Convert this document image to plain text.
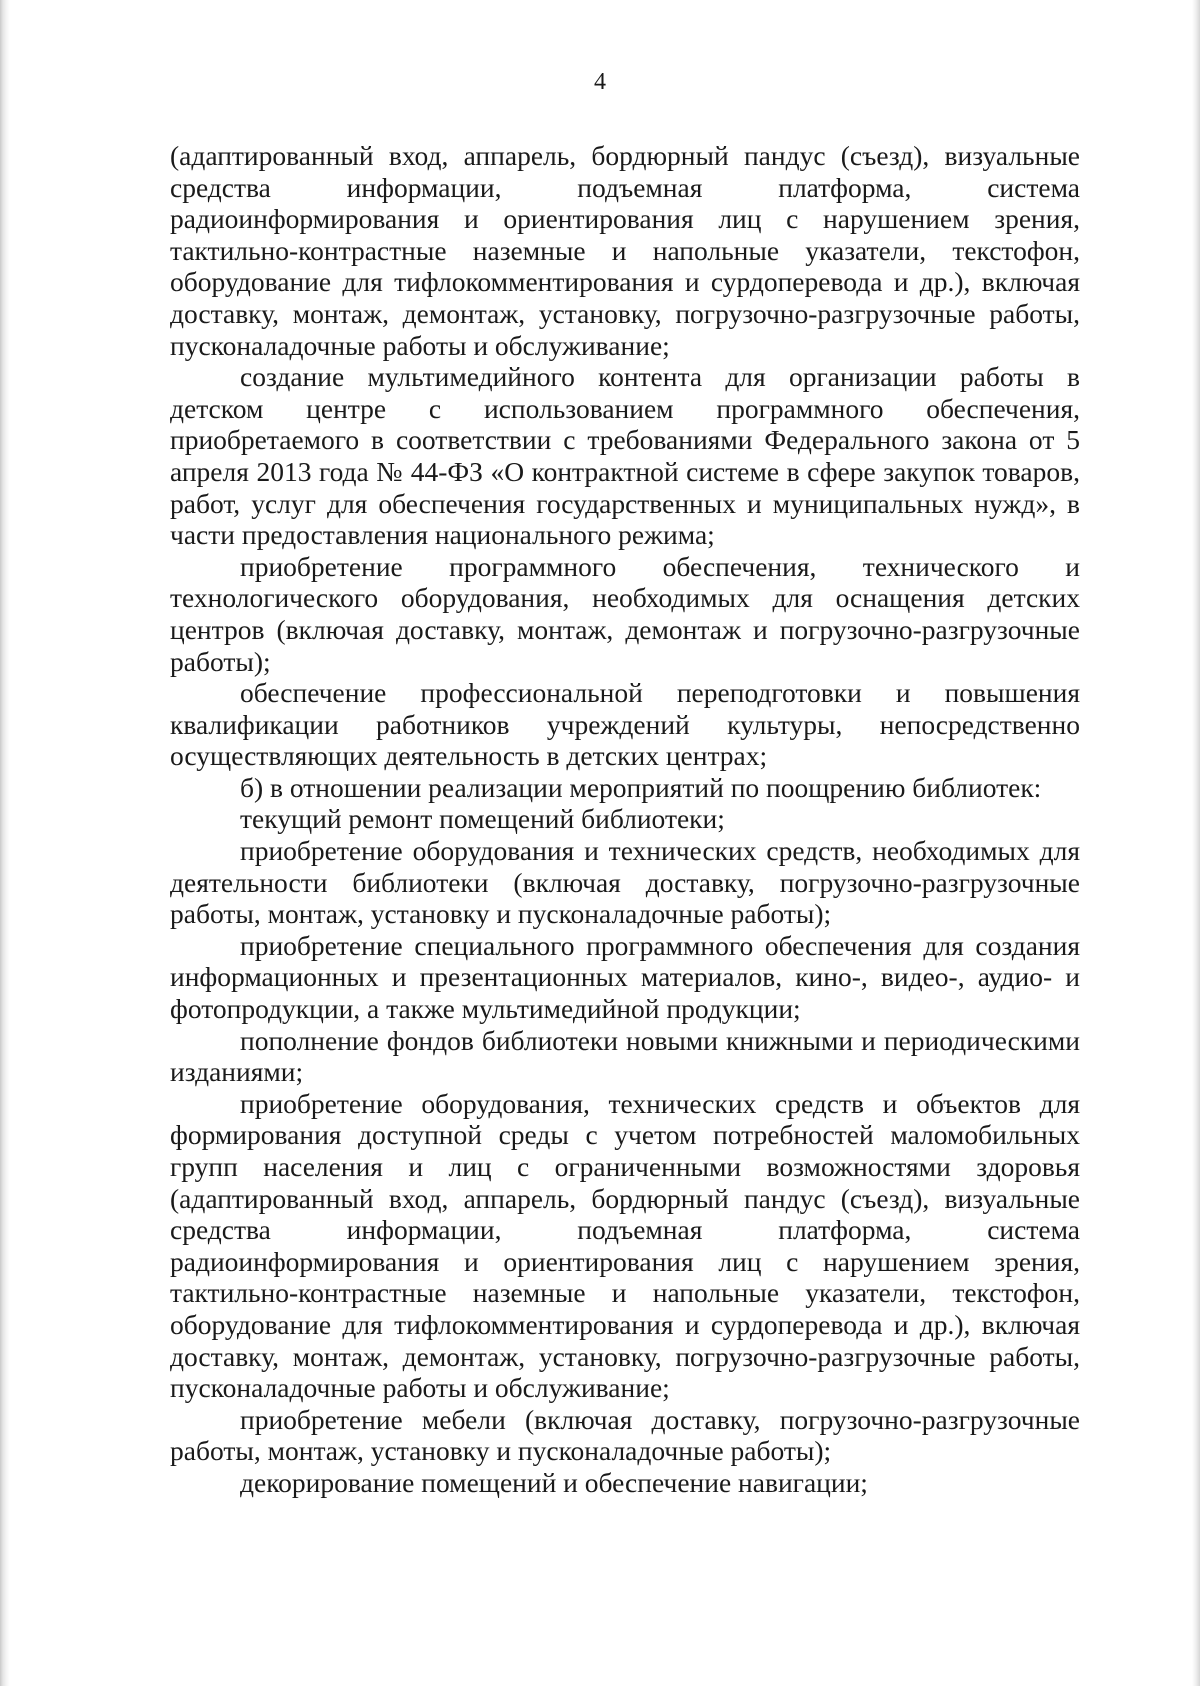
4

(адаптированный вход, аппарель, бордюрный пандус (съезд), визуальные средства информации, подъемная платформа, система радиоинформирования и ориентирования лиц с нарушением зрения, тактильно-контрастные наземные и напольные указатели, текстофон, оборудование для тифлокомментирования и сурдоперевода и др.), включая доставку, монтаж, демонтаж, установку, погрузочно-разгрузочные работы, пусконаладочные работы и обслуживание;

создание мультимедийного контента для организации работы в детском центре с использованием программного обеспечения, приобретаемого в соответствии с требованиями Федерального закона от 5 апреля 2013 года № 44-ФЗ «О контрактной системе в сфере закупок товаров, работ, услуг для обеспечения государственных и муниципальных нужд», в части предоставления национального режима;

приобретение программного обеспечения, технического и технологического оборудования, необходимых для оснащения детских центров (включая доставку, монтаж, демонтаж и погрузочно-разгрузочные работы);

обеспечение профессиональной переподготовки и повышения квалификации работников учреждений культуры, непосредственно осуществляющих деятельность в детских центрах;

б) в отношении реализации мероприятий по поощрению библиотек:

текущий ремонт помещений библиотеки;

приобретение оборудования и технических средств, необходимых для деятельности библиотеки (включая доставку, погрузочно-разгрузочные работы, монтаж, установку и пусконаладочные работы);

приобретение специального программного обеспечения для создания информационных и презентационных материалов, кино-, видео-, аудио- и фотопродукции, а также мультимедийной продукции;

пополнение фондов библиотеки новыми книжными и периодическими изданиями;

приобретение оборудования, технических средств и объектов для формирования доступной среды с учетом потребностей маломобильных групп населения и лиц с ограниченными возможностями здоровья (адаптированный вход, аппарель, бордюрный пандус (съезд), визуальные средства информации, подъемная платформа, система радиоинформирования и ориентирования лиц с нарушением зрения, тактильно-контрастные наземные и напольные указатели, текстофон, оборудование для тифлокомментирования и сурдоперевода и др.), включая доставку, монтаж, демонтаж, установку, погрузочно-разгрузочные работы, пусконаладочные работы и обслуживание;

приобретение мебели (включая доставку, погрузочно-разгрузочные работы, монтаж, установку и пусконаладочные работы);

декорирование помещений и обеспечение навигации;
